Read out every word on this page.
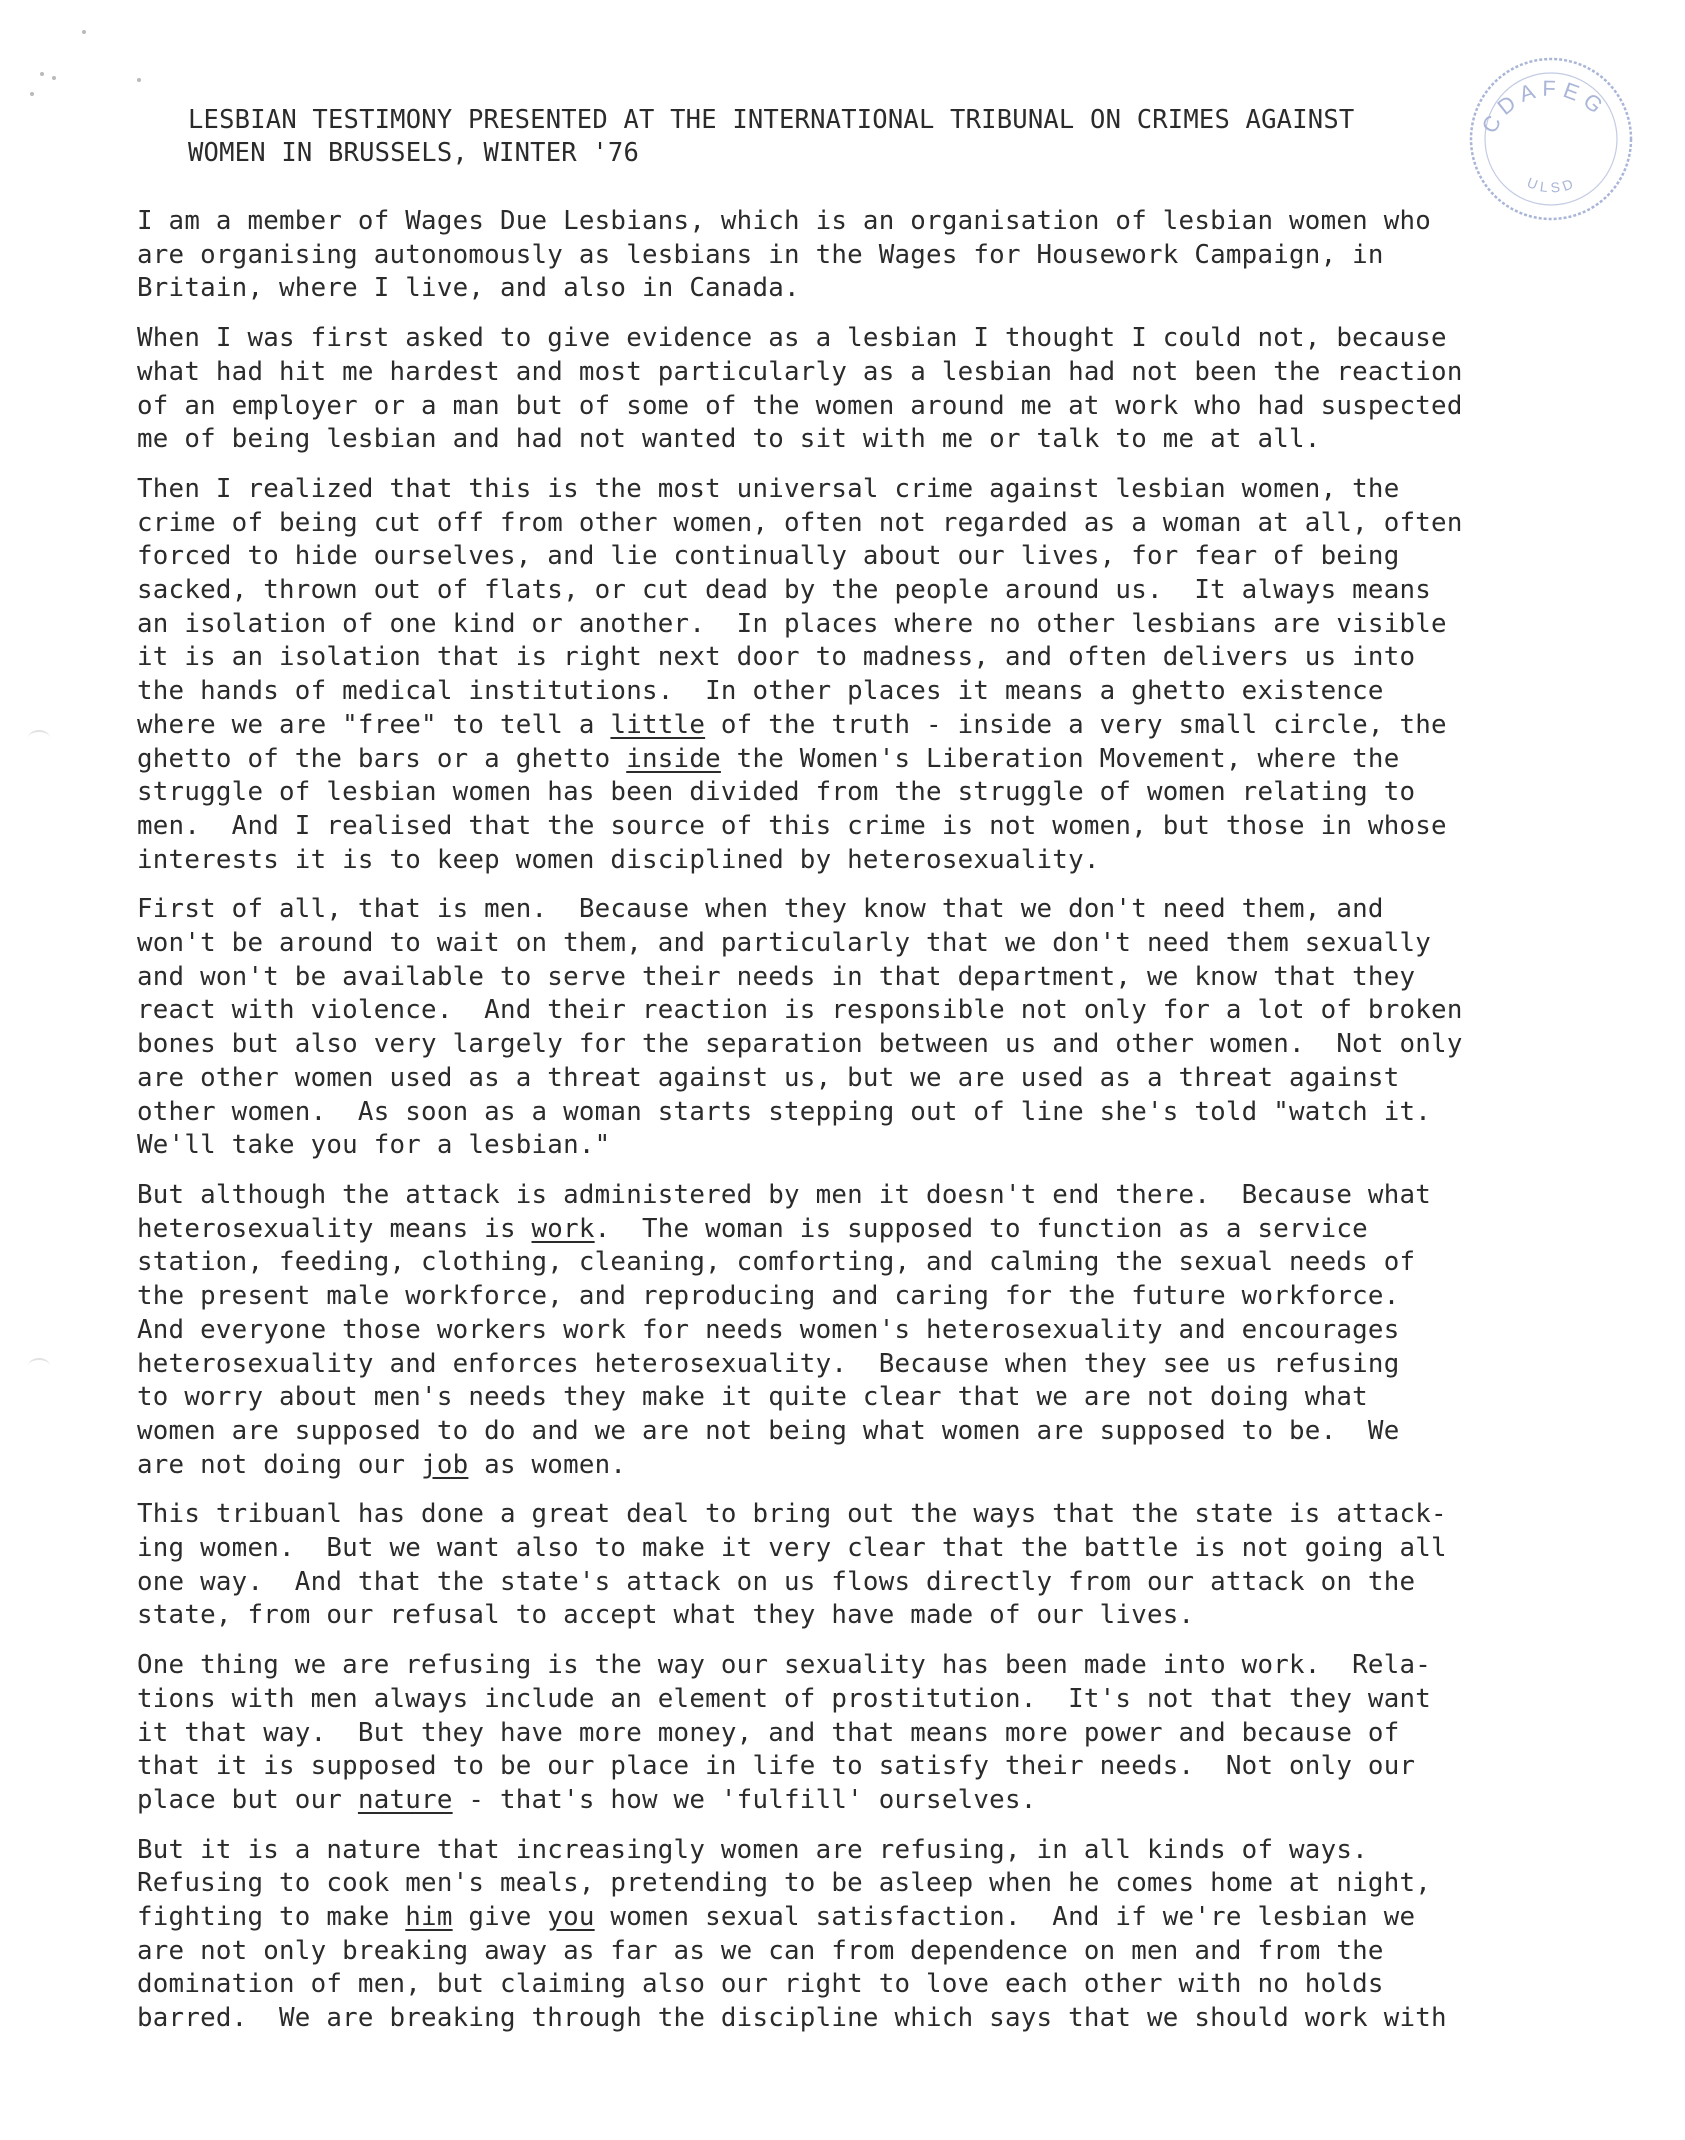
CDAFEG
ULSD
LESBIAN TESTIMONY PRESENTED AT THE INTERNATIONAL TRIBUNAL ON CRIMES AGAINST
WOMEN IN BRUSSELS, WINTER '76

I am a member of Wages Due Lesbians, which is an organisation of lesbian women who
are organising autonomously as lesbians in the Wages for Housework Campaign, in
Britain, where I live, and also in Canada.

When I was first asked to give evidence as a lesbian I thought I could not, because
what had hit me hardest and most particularly as a lesbian had not been the reaction
of an employer or a man but of some of the women around me at work who had suspected
me of being lesbian and had not wanted to sit with me or talk to me at all.

Then I realized that this is the most universal crime against lesbian women, the
crime of being cut off from other women, often not regarded as a woman at all, often
forced to hide ourselves, and lie continually about our lives, for fear of being
sacked, thrown out of flats, or cut dead by the people around us.  It always means
an isolation of one kind or another.  In places where no other lesbians are visible
it is an isolation that is right next door to madness, and often delivers us into
the hands of medical institutions.  In other places it means a ghetto existence
where we are "free" to tell a little of the truth - inside a very small circle, the
ghetto of the bars or a ghetto inside the Women's Liberation Movement, where the
struggle of lesbian women has been divided from the struggle of women relating to
men.  And I realised that the source of this crime is not women, but those in whose
interests it is to keep women disciplined by heterosexuality.

First of all, that is men.  Because when they know that we don't need them, and
won't be around to wait on them, and particularly that we don't need them sexually
and won't be available to serve their needs in that department, we know that they
react with violence.  And their reaction is responsible not only for a lot of broken
bones but also very largely for the separation between us and other women.  Not only
are other women used as a threat against us, but we are used as a threat against
other women.  As soon as a woman starts stepping out of line she's told "watch it.
We'll take you for a lesbian."

But although the attack is administered by men it doesn't end there.  Because what
heterosexuality means is work.  The woman is supposed to function as a service
station, feeding, clothing, cleaning, comforting, and calming the sexual needs of
the present male workforce, and reproducing and caring for the future workforce.
And everyone those workers work for needs women's heterosexuality and encourages
heterosexuality and enforces heterosexuality.  Because when they see us refusing
to worry about men's needs they make it quite clear that we are not doing what
women are supposed to do and we are not being what women are supposed to be.  We
are not doing our job as women.

This tribuanl has done a great deal to bring out the ways that the state is attack-
ing women.  But we want also to make it very clear that the battle is not going all
one way.  And that the state's attack on us flows directly from our attack on the
state, from our refusal to accept what they have made of our lives.

One thing we are refusing is the way our sexuality has been made into work.  Rela-
tions with men always include an element of prostitution.  It's not that they want
it that way.  But they have more money, and that means more power and because of
that it is supposed to be our place in life to satisfy their needs.  Not only our
place but our nature - that's how we 'fulfill' ourselves.

But it is a nature that increasingly women are refusing, in all kinds of ways.
Refusing to cook men's meals, pretending to be asleep when he comes home at night,
fighting to make him give you women sexual satisfaction.  And if we're lesbian we
are not only breaking away as far as we can from dependence on men and from the
domination of men, but claiming also our right to love each other with no holds
barred.  We are breaking through the discipline which says that we should work with
